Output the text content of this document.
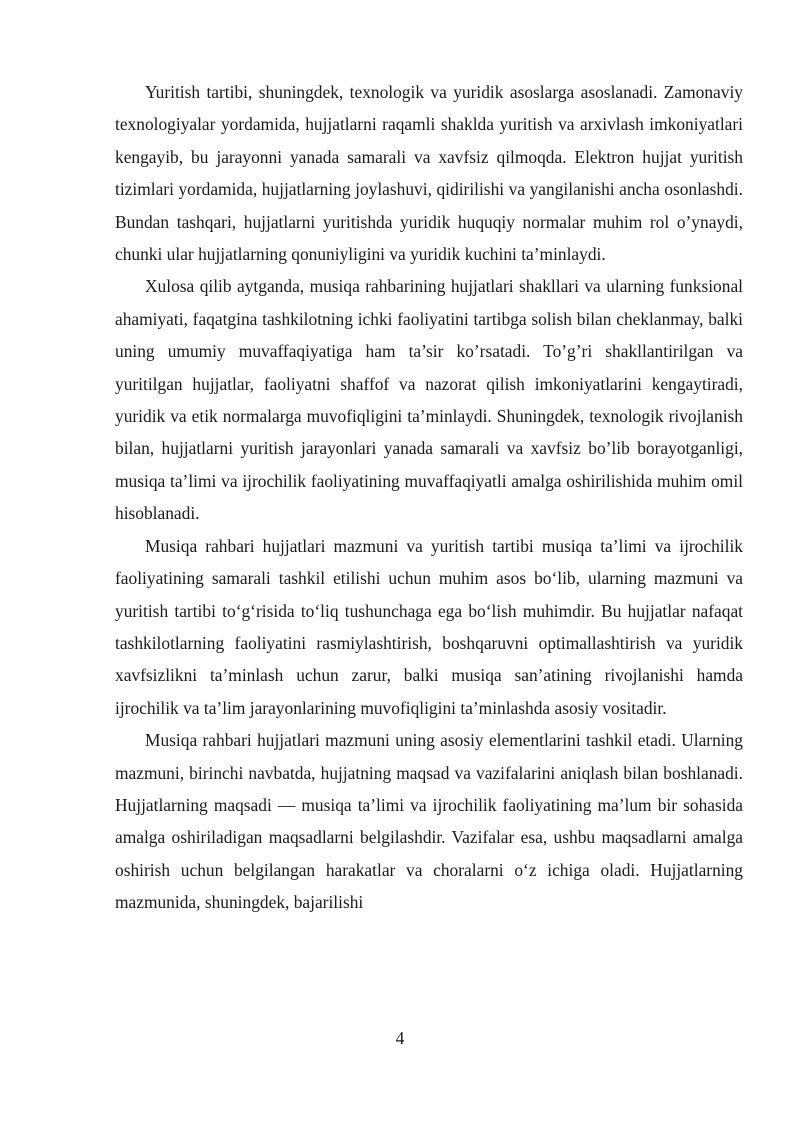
Yuritish tartibi, shuningdek, texnologik va yuridik asoslarga asoslanadi. Zamonaviy texnologiyalar yordamida, hujjatlarni raqamli shaklda yuritish va arxivlash imkoniyatlari kengayib, bu jarayonni yanada samarali va xavfsiz qilmoqda. Elektron hujjat yuritish tizimlari yordamida, hujjatlarning joylashuvi, qidirilishi va yangilanishi ancha osonlashdi. Bundan tashqari, hujjatlarni yuritishda yuridik huquqiy normalar muhim rol o’ynaydi, chunki ular hujjatlarning qonuniyligini va yuridik kuchini ta’minlaydi.

Xulosa qilib aytganda, musiqa rahbarining hujjatlari shakllari va ularning funksional ahamiyati, faqatgina tashkilotning ichki faoliyatini tartibga solish bilan cheklanmay, balki uning umumiy muvaffaqiyatiga ham ta’sir ko’rsatadi. To’g’ri shakllantirilgan va yuritilgan hujjatlar, faoliyatni shaffof va nazorat qilish imkoniyatlarini kengaytiradi, yuridik va etik normalarga muvofiqligini ta’minlaydi. Shuningdek, texnologik rivojlanish bilan, hujjatlarni yuritish jarayonlari yanada samarali va xavfsiz bo’lib borayotganligi, musiqa ta’limi va ijrochilik faoliyatining muvaffaqiyatli amalga oshirilishida muhim omil hisoblanadi.

Musiqa rahbari hujjatlari mazmuni va yuritish tartibi musiqa ta’limi va ijrochilik faoliyatining samarali tashkil etilishi uchun muhim asos bo‘lib, ularning mazmuni va yuritish tartibi to‘g‘risida to‘liq tushunchaga ega bo‘lish muhimdir. Bu hujjatlar nafaqat tashkilotlarning faoliyatini rasmiylashtirish, boshqaruvni optimallashtirish va yuridik xavfsizlikni ta’minlash uchun zarur, balki musiqa san’atining rivojlanishi hamda ijrochilik va ta’lim jarayonlarining muvofiqligini ta’minlashda asosiy vositadir.

Musiqa rahbari hujjatlari mazmuni uning asosiy elementlarini tashkil etadi. Ularning mazmuni, birinchi navbatda, hujjatning maqsad va vazifalarini aniqlash bilan boshlanadi. Hujjatlarning maqsadi — musiqa ta’limi va ijrochilik faoliyatining ma’lum bir sohasida amalga oshiriladigan maqsadlarni belgilashdir. Vazifalar esa, ushbu maqsadlarni amalga oshirish uchun belgilangan harakatlar va choralarni o‘z ichiga oladi. Hujjatlarning mazmunida, shuningdek, bajarilishi

4
